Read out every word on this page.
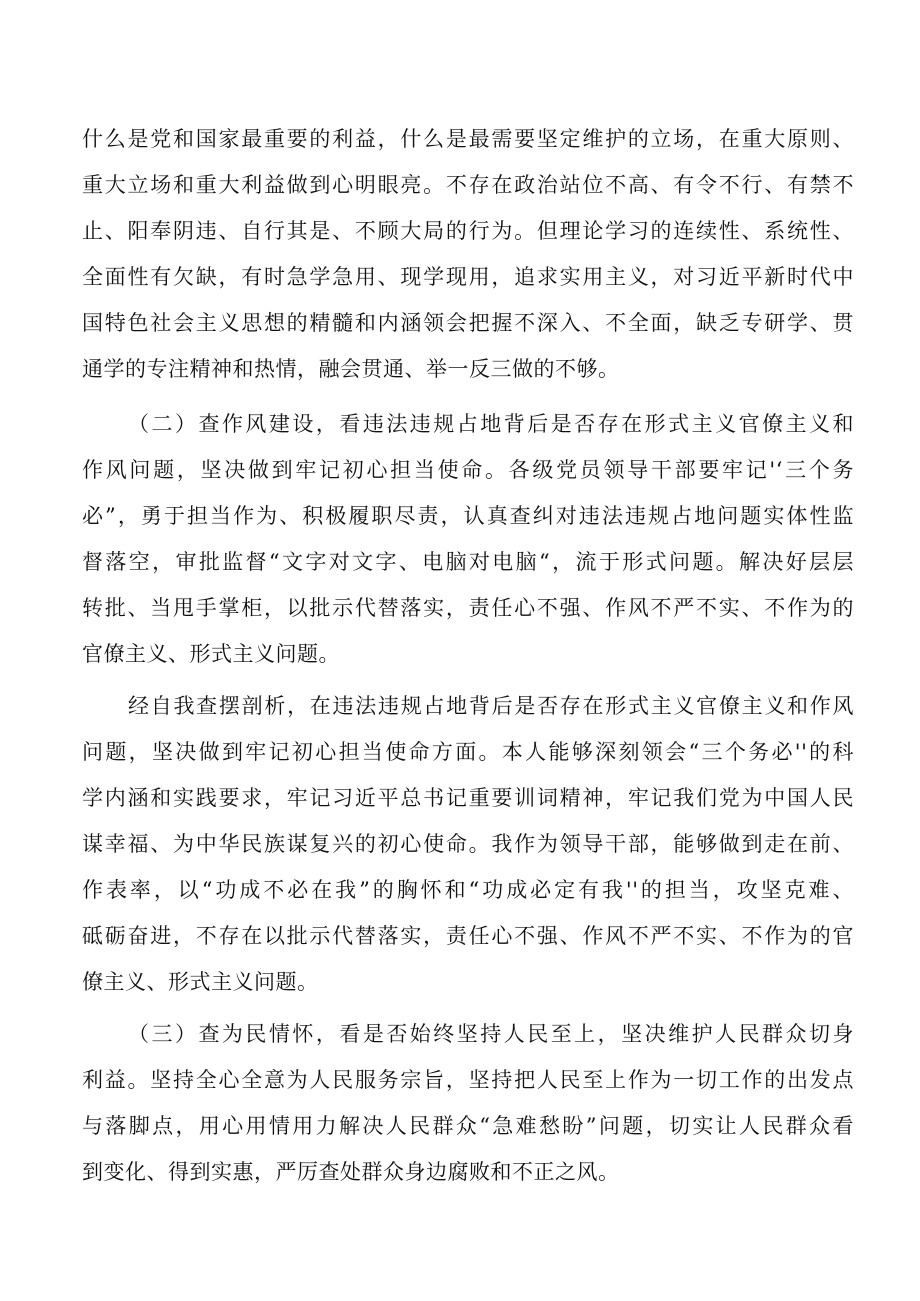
什么是党和国家最重要的利益，什么是最需要坚定维护的立场，在重大原则、
重大立场和重大利益做到心明眼亮。不存在政治站位不高、有令不行、有禁不
止、阳奉阴违、自行其是、不顾大局的行为。但理论学习的连续性、系统性、
全面性有欠缺，有时急学急用、现学现用，追求实用主义，对习近平新时代中
国特色社会主义思想的精髓和内涵领会把握不深入、不全面，缺乏专研学、贯
通学的专注精神和热情，融会贯通、举一反三做的不够。
（二）查作风建设，看违法违规占地背后是否存在形式主义官僚主义和
作风问题，坚决做到牢记初心担当使命。各级党员领导干部要牢记'‘三个务
必”，勇于担当作为、积极履职尽责，认真查纠对违法违规占地问题实体性监
督落空，审批监督“文字对文字、电脑对电脑“，流于形式问题。解决好层层
转批、当甩手掌柜，以批示代替落实，责任心不强、作风不严不实、不作为的
官僚主义、形式主义问题。
经自我查摆剖析，在违法违规占地背后是否存在形式主义官僚主义和作风
问题，坚决做到牢记初心担当使命方面。本人能够深刻领会“三个务必''的科
学内涵和实践要求，牢记习近平总书记重要训词精神，牢记我们党为中国人民
谋幸福、为中华民族谋复兴的初心使命。我作为领导干部，能够做到走在前、
作表率，以“功成不必在我”的胸怀和“功成必定有我''的担当，攻坚克难、
砥砺奋进，不存在以批示代替落实，责任心不强、作风不严不实、不作为的官
僚主义、形式主义问题。
（三）查为民情怀，看是否始终坚持人民至上，坚决维护人民群众切身
利益。坚持全心全意为人民服务宗旨，坚持把人民至上作为一切工作的出发点
与落脚点，用心用情用力解决人民群众“急难愁盼”问题，切实让人民群众看
到变化、得到实惠，严厉查处群众身边腐败和不正之风。
